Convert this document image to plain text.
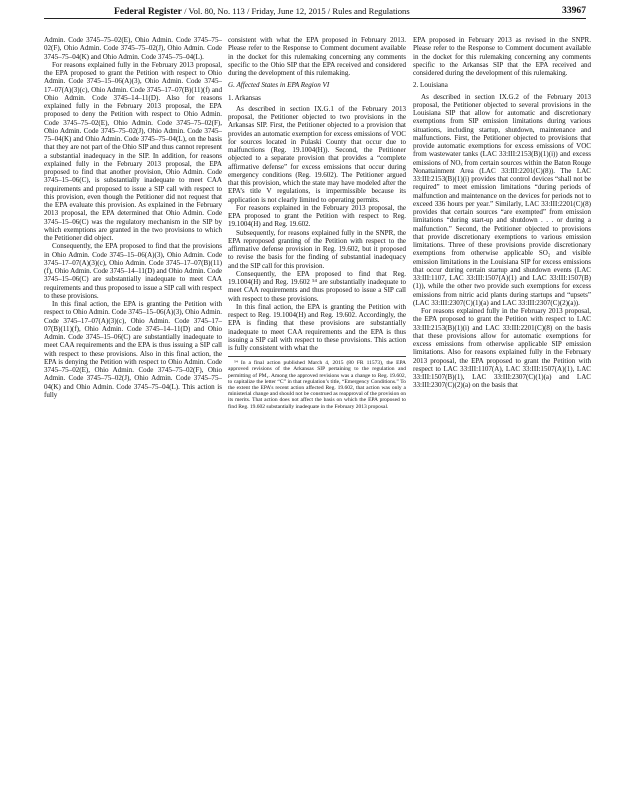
Federal Register / Vol. 80, No. 113 / Friday, June 12, 2015 / Rules and Regulations	33967

Admin. Code 3745–75–02(E), Ohio Admin. Code 3745–75–02(F), Ohio Admin. Code 3745–75–02(J), Ohio Admin. Code 3745–75–04(K) and Ohio Admin. Code 3745–75–04(L).

For reasons explained fully in the February 2013 proposal, the EPA proposed to grant the Petition with respect to Ohio Admin. Code 3745–15–06(A)(3), Ohio Admin. Code 3745–17–07(A)(3)(c), Ohio Admin. Code 3745–17–07(B)(11)(f) and Ohio Admin. Code 3745–14–11(D). Also for reasons explained fully in the February 2013 proposal, the EPA proposed to deny the Petition with respect to Ohio Admin. Code 3745–75–02(E), Ohio Admin. Code 3745–75–02(F), Ohio Admin. Code 3745–75–02(J), Ohio Admin. Code 3745–75–04(K) and Ohio Admin. Code 3745–75–04(L), on the basis that they are not part of the Ohio SIP and thus cannot represent a substantial inadequacy in the SIP. In addition, for reasons explained fully in the February 2013 proposal, the EPA proposed to find that another provision, Ohio Admin. Code 3745–15–06(C), is substantially inadequate to meet CAA requirements and proposed to issue a SIP call with respect to this provision, even though the Petitioner did not request that the EPA evaluate this provision. As explained in the February 2013 proposal, the EPA determined that Ohio Admin. Code 3745–15–06(C) was the regulatory mechanism in the SIP by which exemptions are granted in the two provisions to which the Petitioner did object.

Consequently, the EPA proposed to find that the provisions in Ohio Admin. Code 3745–15–06(A)(3), Ohio Admin. Code 3745–17–07(A)(3)(c), Ohio Admin. Code 3745–17–07(B)(11)(f), Ohio Admin. Code 3745–14–11(D) and Ohio Admin. Code 3745–15–06(C) are substantially inadequate to meet CAA requirements and thus proposed to issue a SIP call with respect to these provisions.

In this final action, the EPA is granting the Petition with respect to Ohio Admin. Code 3745–15–06(A)(3), Ohio Admin. Code 3745–17–07(A)(3)(c), Ohio Admin. Code 3745–17–07(B)(11)(f), Ohio Admin. Code 3745–14–11(D) and Ohio Admin. Code 3745–15–06(C) are substantially inadequate to meet CAA requirements and the EPA is thus issuing a SIP call with respect to these provisions. Also in this final action, the EPA is denying the Petition with respect to Ohio Admin. Code 3745–75–02(E), Ohio Admin. Code 3745–75–02(F), Ohio Admin. Code 3745–75–02(J), Ohio Admin. Code 3745–75–04(K) and Ohio Admin. Code 3745–75–04(L). This action is fully

consistent with what the EPA proposed in February 2013. Please refer to the Response to Comment document available in the docket for this rulemaking concerning any comments specific to the Ohio SIP that the EPA received and considered during the development of this rulemaking.

G. Affected States in EPA Region VI
1. Arkansas

As described in section IX.G.1 of the February 2013 proposal, the Petitioner objected to two provisions in the Arkansas SIP. First, the Petitioner objected to a provision that provides an automatic exemption for excess emissions of VOC for sources located in Pulaski County that occur due to malfunctions (Reg. 19.1004(H)). Second, the Petitioner objected to a separate provision that provides a “complete affirmative defense” for excess emissions that occur during emergency conditions (Reg. 19.602). The Petitioner argued that this provision, which the state may have modeled after the EPA’s title V regulations, is impermissible because its application is not clearly limited to operating permits.

For reasons explained in the February 2013 proposal, the EPA proposed to grant the Petition with respect to Reg. 19.1004(H) and Reg. 19.602.

Subsequently, for reasons explained fully in the SNPR, the EPA reproposed granting of the Petition with respect to the affirmative defense provision in Reg. 19.602, but it proposed to revise the basis for the finding of substantial inadequacy and the SIP call for this provision.

Consequently, the EPA proposed to find that Reg. 19.1004(H) and Reg. 19.602 ⁵⁴ are substantially inadequate to meet CAA requirements and thus proposed to issue a SIP call with respect to these provisions.

In this final action, the EPA is granting the Petition with respect to Reg. 19.1004(H) and Reg. 19.602. Accordingly, the EPA is finding that these provisions are substantially inadequate to meet CAA requirements and the EPA is thus issuing a SIP call with respect to these provisions. This action is fully consistent with what the

⁵⁴ In a final action published March 4, 2015 (80 FR 11573), the EPA approved revisions of the Arkansas SIP pertaining to the regulation and permitting of PM₁. Among the approved revisions was a change to Reg. 19.602, to capitalize the letter “C” in that regulation’s title, “Emergency Conditions.” To the extent the EPA’s recent action affected Reg. 19.602, that action was only a ministerial change and should not be construed as reapproval of the provision on its merits. That action does not affect the basis on which the EPA proposed to find Reg. 19.602 substantially inadequate in the February 2013 proposal.

EPA proposed in February 2013 as revised in the SNPR. Please refer to the Response to Comment document available in the docket for this rulemaking concerning any comments specific to the Arkansas SIP that the EPA received and considered during the development of this rulemaking.

2. Louisiana

As described in section IX.G.2 of the February 2013 proposal, the Petitioner objected to several provisions in the Louisiana SIP that allow for automatic and discretionary exemptions from SIP emission limitations during various situations, including startup, shutdown, maintenance and malfunctions. First, the Petitioner objected to provisions that provide automatic exemptions for excess emissions of VOC from wastewater tanks (LAC 33:III:2153(B)(1)(i)) and excess emissions of NOₓ from certain sources within the Baton Rouge Nonattainment Area (LAC 33:III:2201(C)(8)). The LAC 33:III:2153(B)(1)(i) provides that control devices “shall not be required” to meet emission limitations “during periods of malfunction and maintenance on the devices for periods not to exceed 336 hours per year.” Similarly, LAC 33:III:2201(C)(8) provides that certain sources “are exempted” from emission limitations “during start-up and shutdown . . . or during a malfunction.” Second, the Petitioner objected to provisions that provide discretionary exemptions to various emission limitations. Three of these provisions provide discretionary exemptions from otherwise applicable SO₂ and visible emission limitations in the Louisiana SIP for excess emissions that occur during certain startup and shutdown events (LAC 33:III:1107, LAC 33:III:1507(A)(1) and LAC 33:III:1507(B)(1)), while the other two provide such exemptions for excess emissions from nitric acid plants during startups and “upsets” (LAC 33:III:2307(C)(1)(a) and LAC 33:III:2307(C)(2)(a)).

For reasons explained fully in the February 2013 proposal, the EPA proposed to grant the Petition with respect to LAC 33:III:2153(B)(1)(i) and LAC 33:III:2201(C)(8) on the basis that these provisions allow for automatic exemptions for excess emissions from otherwise applicable SIP emission limitations. Also for reasons explained fully in the February 2013 proposal, the EPA proposed to grant the Petition with respect to LAC 33:III:1107(A), LAC 33:III:1507(A)(1), LAC 33:III:1507(B)(1), LAC 33:III:2307(C)(1)(a) and LAC 33:III:2307(C)(2)(a) on the basis that
